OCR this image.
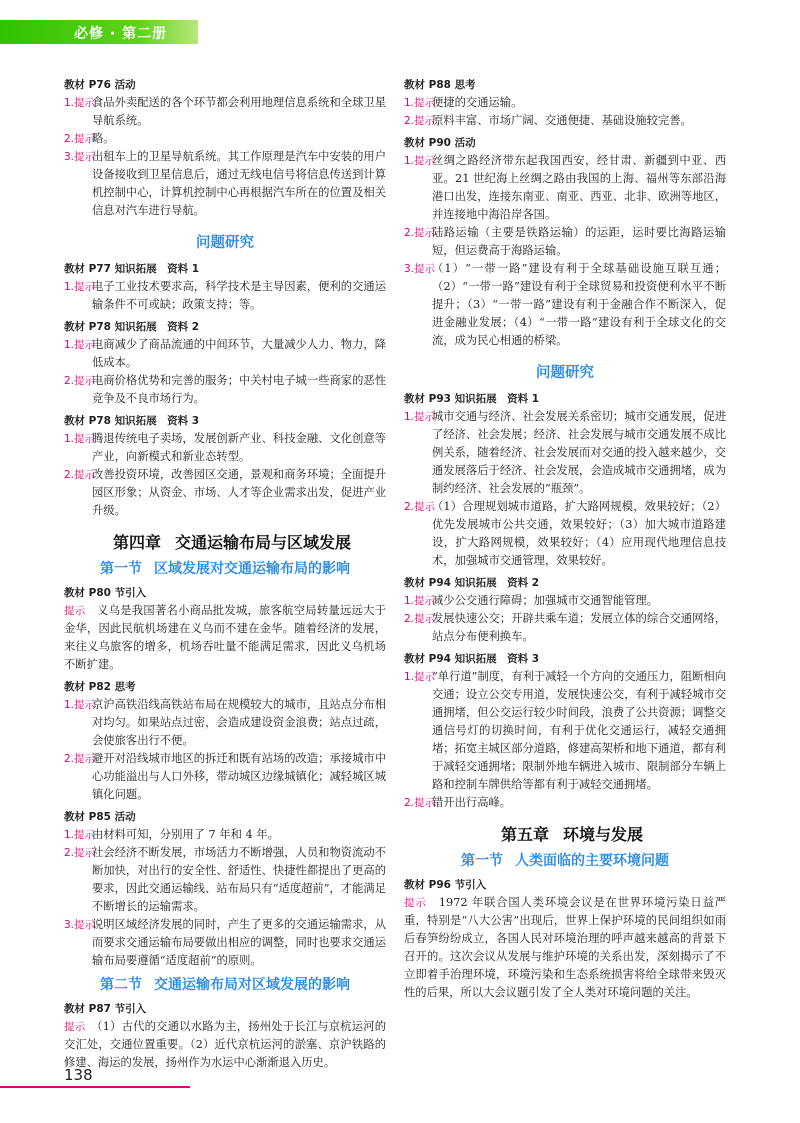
必修 · 第二册
教材 P76 活动
1.提示
食品外卖配送的各个环节都会利用地理信息系统和全球卫星导航系统。
2.提示
略。
3.提示
出租车上的卫星导航系统。其工作原理是汽车中安装的用户设备接收到卫星信息后，通过无线电信号将信息传送到计算机控制中心，计算机控制中心再根据汽车所在的位置及相关信息对汽车进行导航。
问题研究
教材 P77 知识拓展　资料 1
1.提示
电子工业技术要求高，科学技术是主导因素，便利的交通运输条件不可或缺；政策支持；等。
教材 P78 知识拓展　资料 2
1.提示
电商减少了商品流通的中间环节，大量减少人力、物力，降低成本。
2.提示
电商价格优势和完善的服务；中关村电子城一些商家的恶性竞争及不良市场行为。
教材 P78 知识拓展　资料 3
1.提示
腾退传统电子卖场，发展创新产业、科技金融、文化创意等产业，向新模式和新业态转型。
2.提示
改善投资环境，改善园区交通，景观和商务环境；全面提升园区形象；从资金、市场、人才等企业需求出发，促进产业升级。
第四章 交通运输布局与区域发展
第一节 区域发展对交通运输布局的影响
教材 P80 节引入
提示　 义乌是我国著名小商品批发城，旅客航空局转量远远大于金华，因此民航机场建在义乌而不建在金华。随着经济的发展，来往义乌旅客的增多，机场吞吐量不能满足需求，因此义乌机场不断扩建。
教材 P82 思考
1.提示
京沪高铁沿线高铁站布局在规模较大的城市，且站点分布相对均匀。如果站点过密，会造成建设资金浪费；站点过疏，会使旅客出行不便。
2.提示
避开对沿线城市地区的拆迁和既有站场的改造；承接城市中心功能溢出与人口外移，带动城区边缘城镇化；减轻城区城镇化问题。
教材 P85 活动
1.提示
由材料可知，分别用了 7 年和 4 年。
2.提示
社会经济不断发展，市场活力不断增强，人员和物资流动不断加快，对出行的安全性、舒适性、快捷性都提出了更高的要求，因此交通运输线、站布局只有“适度超前”，才能满足不断增长的运输需求。
3.提示
说明区域经济发展的同时，产生了更多的交通运输需求，从而要求交通运输布局要做出相应的调整，同时也要求交通运输布局要遵循“适度超前”的原则。
第二节 交通运输布局对区域发展的影响
教材 P87 节引入
提示　 （1）古代的交通以水路为主，扬州处于长江与京杭运河的交汇处，交通位置重要。（2）近代京杭运河的淤塞、京沪铁路的修建、海运的发展，扬州作为水运中心渐渐退入历史。
教材 P88 思考
1.提示
便捷的交通运输。
2.提示
原料丰富、市场广阔、交通便捷、基础设施较完善。
教材 P90 活动
1.提示
丝绸之路经济带东起我国西安，经甘肃、新疆到中亚、西亚。21 世纪海上丝绸之路由我国的上海、福州等东部沿海港口出发，连接东南亚、南亚、西亚、北非、欧洲等地区，并连接地中海沿岸各国。
2.提示
陆路运输（主要是铁路运输）的运距，运时要比海路运输短，但运费高于海路运输。
3.提示
（1）“一带一路”建设有利于全球基础设施互联互通；（2）“一带一路”建设有利于全球贸易和投资便利水平不断提升；（3）“一带一路”建设有利于金融合作不断深入，促进金融业发展；（4）“一带一路”建设有利于全球文化的交流，成为民心相通的桥梁。
问题研究
教材 P93 知识拓展　资料 1
1.提示
城市交通与经济、社会发展关系密切；城市交通发展，促进了经济、社会发展；经济、社会发展与城市交通发展不成比例关系，随着经济、社会发展而对交通的投入越来越少，交通发展落后于经济、社会发展，会造成城市交通拥堵，成为制约经济、社会发展的“瓶颈”。
2.提示
（1）合理规划城市道路，扩大路网规模，效果较好；（2）优先发展城市公共交通，效果较好；（3）加大城市道路建设，扩大路网规模，效果较好；（4）应用现代地理信息技术，加强城市交通管理，效果较好。
教材 P94 知识拓展　资料 2
1.提示
减少公交通行障碍；加强城市交通智能管理。
2.提示
发展快速公交；开辟共乘车道；发展立体的综合交通网络，站点分布便利换车。
教材 P94 知识拓展　资料 3
1.提示
“单行道”制度，有利于减轻一个方向的交通压力，阻断相向交通；设立公交专用道，发展快速公交，有利于减轻城市交通拥堵，但公交运行较少时间段，浪费了公共资源；调整交通信号灯的切换时间，有利于优化交通运行，减轻交通拥堵；拓宽主城区部分道路，修建高架桥和地下通道，都有利于减轻交通拥堵；限制外地车辆进入城市、限制部分车辆上路和控制车牌供给等都有利于减轻交通拥堵。
2.提示
错开出行高峰。
第五章 环境与发展
第一节 人类面临的主要环境问题
教材 P96 节引入
提示　 1972 年联合国人类环境会议是在世界环境污染日益严重，特别是“八大公害”出现后，世界上保护环境的民间组织如雨后春笋纷纷成立，各国人民对环境治理的呼声越来越高的背景下召开的。这次会议从发展与维护环境的关系出发，深刻揭示了不立即着手治理环境，环境污染和生态系统损害将给全球带来毁灭性的后果，所以大会议题引发了全人类对环境问题的关注。
138
